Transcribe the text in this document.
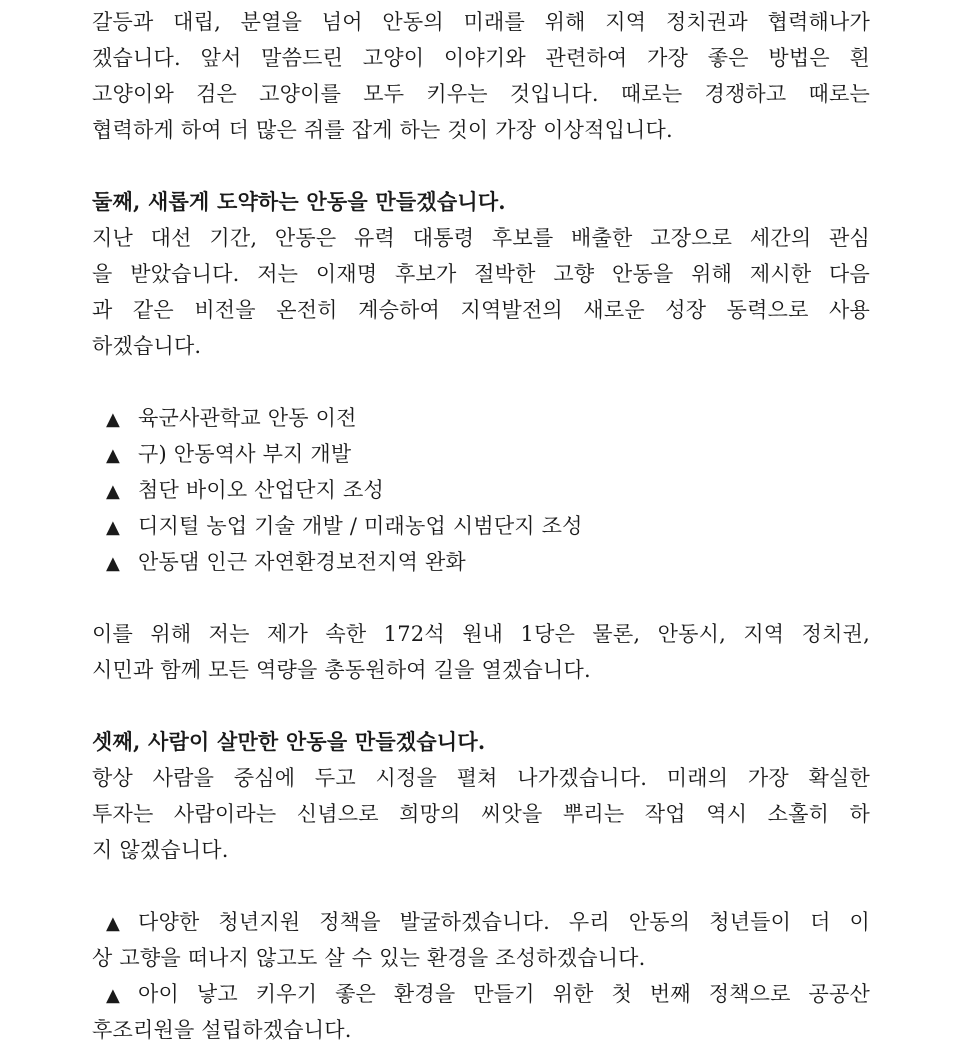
갈등과 대립, 분열을 넘어 안동의 미래를 위해 지역 정치권과 협력해나가
겠습니다. 앞서 말씀드린 고양이 이야기와 관련하여 가장 좋은 방법은 흰
고양이와 검은 고양이를 모두 키우는 것입니다. 때로는 경쟁하고 때로는
협력하게 하여 더 많은 쥐를 잡게 하는 것이 가장 이상적입니다.
둘째, 새롭게 도약하는 안동을 만들겠습니다.
지난 대선 기간, 안동은 유력 대통령 후보를 배출한 고장으로 세간의 관심
을 받았습니다. 저는 이재명 후보가 절박한 고향 안동을 위해 제시한 다음
과 같은 비전을 온전히 계승하여 지역발전의 새로운 성장 동력으로 사용
하겠습니다.
▲ 육군사관학교 안동 이전
▲ 구) 안동역사 부지 개발
▲ 첨단 바이오 산업단지 조성
▲ 디지털 농업 기술 개발 / 미래농업 시범단지 조성
▲ 안동댐 인근 자연환경보전지역 완화
이를 위해 저는 제가 속한 172석 원내 1당은 물론, 안동시, 지역 정치권,
시민과 함께 모든 역량을 총동원하여 길을 열겠습니다.
셋째, 사람이 살만한 안동을 만들겠습니다.
항상 사람을 중심에 두고 시정을 펼쳐 나가겠습니다. 미래의 가장 확실한
투자는 사람이라는 신념으로 희망의 씨앗을 뿌리는 작업 역시 소홀히 하
지 않겠습니다.
▲ 다양한 청년지원 정책을 발굴하겠습니다. 우리 안동의 청년들이 더 이
상 고향을 떠나지 않고도 살 수 있는 환경을 조성하겠습니다.
▲ 아이 낳고 키우기 좋은 환경을 만들기 위한 첫 번째 정책으로 공공산
후조리원을 설립하겠습니다.
